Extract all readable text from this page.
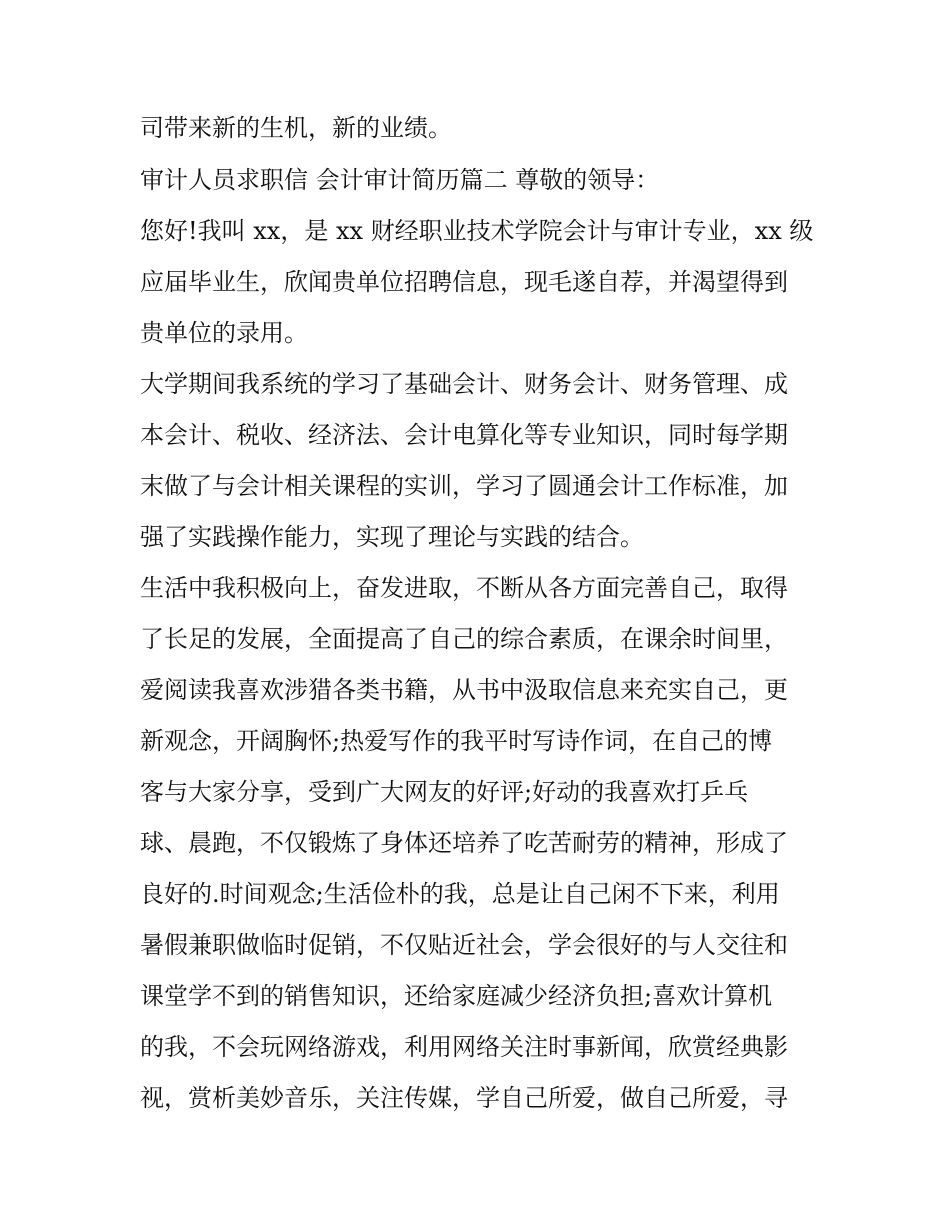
司带来新的生机，新的业绩。
审计人员求职信 会计审计简历篇二 尊敬的领导：
您好!我叫 xx，是 xx 财经职业技术学院会计与审计专业，xx 级
应届毕业生，欣闻贵单位招聘信息，现毛遂自荐，并渴望得到
贵单位的录用。
大学期间我系统的学习了基础会计、财务会计、财务管理、成
本会计、税收、经济法、会计电算化等专业知识，同时每学期
末做了与会计相关课程的实训，学习了圆通会计工作标准，加
强了实践操作能力，实现了理论与实践的结合。
生活中我积极向上，奋发进取，不断从各方面完善自己，取得
了长足的发展，全面提高了自己的综合素质，在课余时间里，
爱阅读我喜欢涉猎各类书籍，从书中汲取信息来充实自己，更
新观念，开阔胸怀;热爱写作的我平时写诗作词，在自己的博
客与大家分享，受到广大网友的好评;好动的我喜欢打乒乓
球、晨跑，不仅锻炼了身体还培养了吃苦耐劳的精神，形成了
良好的.时间观念;生活俭朴的我，总是让自己闲不下来，利用
暑假兼职做临时促销，不仅贴近社会，学会很好的与人交往和
课堂学不到的销售知识，还给家庭减少经济负担;喜欢计算机
的我，不会玩网络游戏，利用网络关注时事新闻，欣赏经典影
视，赏析美妙音乐，关注传媒，学自己所爱，做自己所爱，寻
